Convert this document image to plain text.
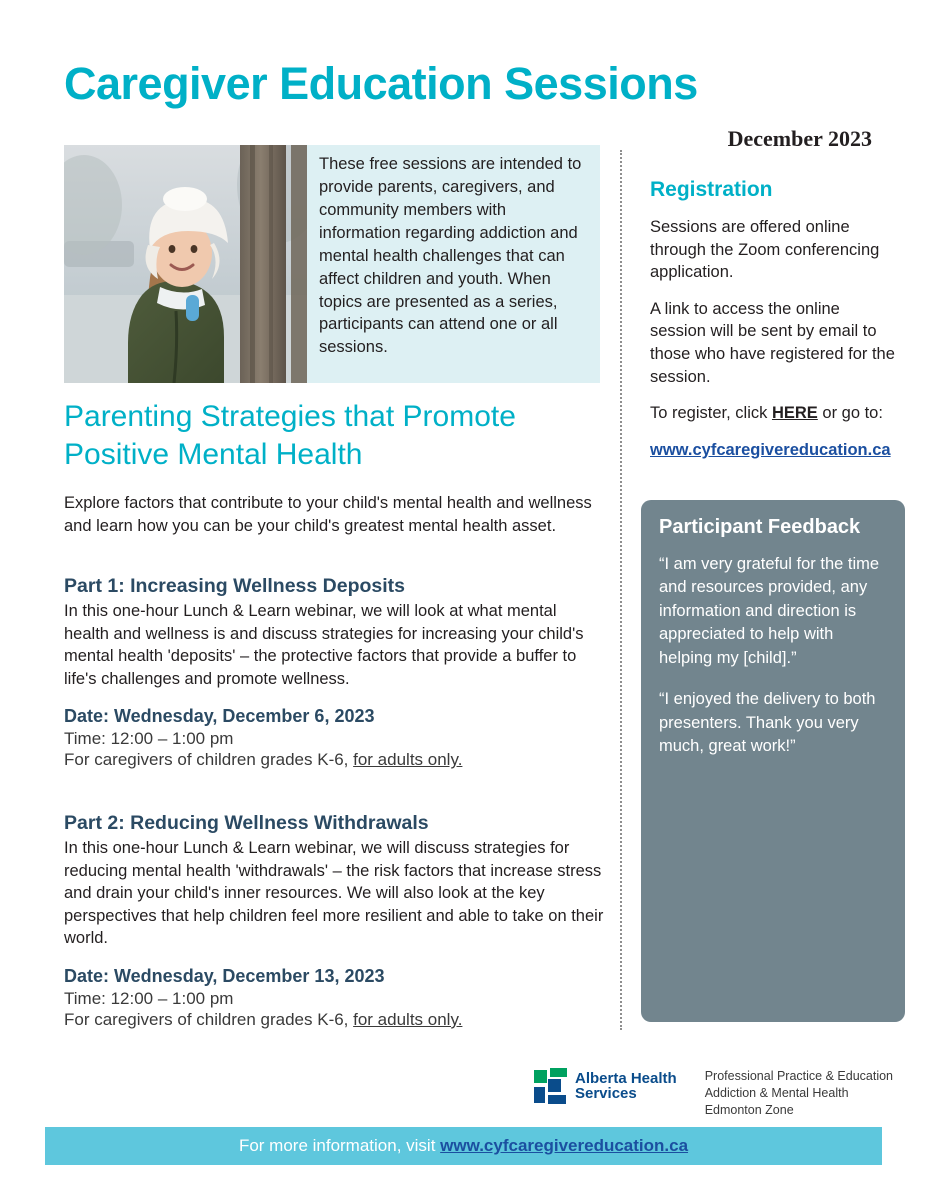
Caregiver Education Sessions
December 2023

These free sessions are intended to provide parents, caregivers, and community members with information regarding addiction and mental health challenges that can affect children and youth. When topics are presented as a series, participants can attend one or all sessions.

Parenting Strategies that Promote Positive Mental Health

Explore factors that contribute to your child's mental health and wellness and learn how you can be your child's greatest mental health asset.

Part 1: Increasing Wellness Deposits

In this one-hour Lunch & Learn webinar, we will look at what mental health and wellness is and discuss strategies for increasing your child's mental health 'deposits' – the protective factors that provide a buffer to life's challenges and promote wellness.

Date: Wednesday, December 6, 2023

Time: 12:00 – 1:00 pm

For caregivers of children grades K-6, for adults only.

Part 2: Reducing Wellness Withdrawals

In this one-hour Lunch & Learn webinar, we will discuss strategies for reducing mental health 'withdrawals' – the risk factors that increase stress and drain your child's inner resources. We will also look at the key perspectives that help children feel more resilient and able to take on their world.

Date: Wednesday, December 13, 2023

Time: 12:00 – 1:00 pm

For caregivers of children grades K-6, for adults only.

Registration

Sessions are offered online through the Zoom conferencing application.

A link to access the online session will be sent by email to those who have registered for the session.

To register, click HERE or go to:

www.cyfcaregivereducation.ca

Participant Feedback

“I am very grateful for the time and resources provided, any information and direction is appreciated to help with helping my [child].”

“I enjoyed the delivery to both presenters. Thank you very much, great work!”

Alberta Health
Services
Professional Practice & Education
Addiction & Mental Health
Edmonton Zone
For more information, visit www.cyfcaregivereducation.ca
